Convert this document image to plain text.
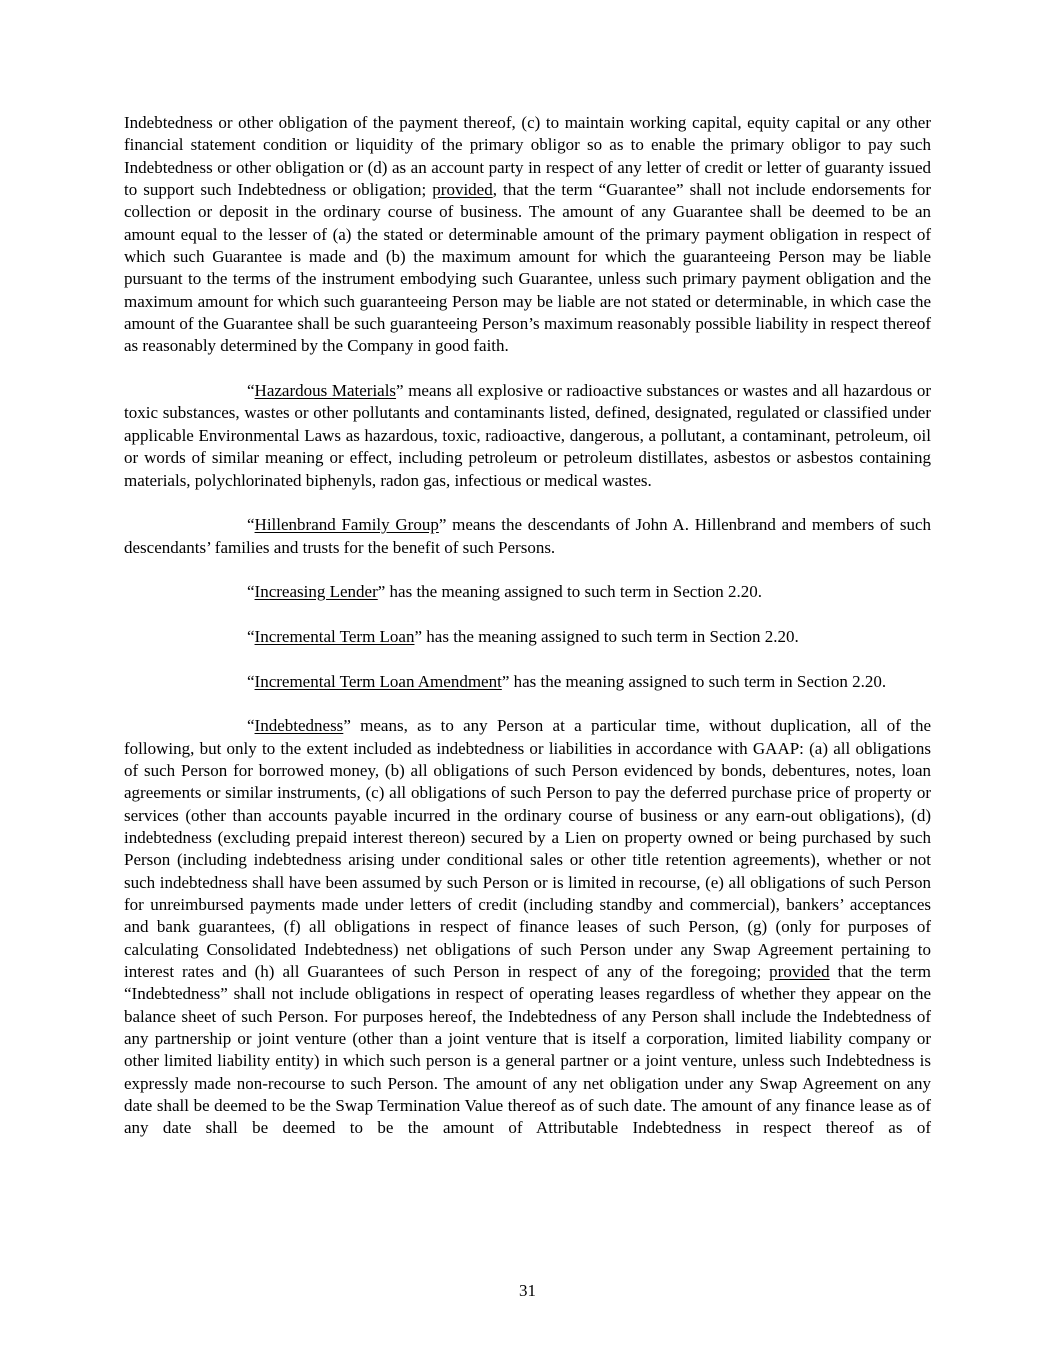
Indebtedness or other obligation of the payment thereof, (c) to maintain working capital, equity capital or any other financial statement condition or liquidity of the primary obligor so as to enable the primary obligor to pay such Indebtedness or other obligation or (d) as an account party in respect of any letter of credit or letter of guaranty issued to support such Indebtedness or obligation; provided, that the term “Guarantee” shall not include endorsements for collection or deposit in the ordinary course of business. The amount of any Guarantee shall be deemed to be an amount equal to the lesser of (a) the stated or determinable amount of the primary payment obligation in respect of which such Guarantee is made and (b) the maximum amount for which the guaranteeing Person may be liable pursuant to the terms of the instrument embodying such Guarantee, unless such primary payment obligation and the maximum amount for which such guaranteeing Person may be liable are not stated or determinable, in which case the amount of the Guarantee shall be such guaranteeing Person’s maximum reasonably possible liability in respect thereof as reasonably determined by the Company in good faith.

“Hazardous Materials” means all explosive or radioactive substances or wastes and all hazardous or toxic substances, wastes or other pollutants and contaminants listed, defined, designated, regulated or classified under applicable Environmental Laws as hazardous, toxic, radioactive, dangerous, a pollutant, a contaminant, petroleum, oil or words of similar meaning or effect, including petroleum or petroleum distillates, asbestos or asbestos containing materials, polychlorinated biphenyls, radon gas, infectious or medical wastes.

“Hillenbrand Family Group” means the descendants of John A. Hillenbrand and members of such descendants’ families and trusts for the benefit of such Persons.

“Increasing Lender” has the meaning assigned to such term in Section 2.20.

“Incremental Term Loan” has the meaning assigned to such term in Section 2.20.

“Incremental Term Loan Amendment” has the meaning assigned to such term in Section 2.20.

“Indebtedness” means, as to any Person at a particular time, without duplication, all of the following, but only to the extent included as indebtedness or liabilities in accordance with GAAP: (a) all obligations of such Person for borrowed money, (b) all obligations of such Person evidenced by bonds, debentures, notes, loan agreements or similar instruments, (c) all obligations of such Person to pay the deferred purchase price of property or services (other than accounts payable incurred in the ordinary course of business or any earn-out obligations), (d) indebtedness (excluding prepaid interest thereon) secured by a Lien on property owned or being purchased by such Person (including indebtedness arising under conditional sales or other title retention agreements), whether or not such indebtedness shall have been assumed by such Person or is limited in recourse, (e) all obligations of such Person for unreimbursed payments made under letters of credit (including standby and commercial), bankers’ acceptances and bank guarantees, (f) all obligations in respect of finance leases of such Person, (g) (only for purposes of calculating Consolidated Indebtedness) net obligations of such Person under any Swap Agreement pertaining to interest rates and (h) all Guarantees of such Person in respect of any of the foregoing; provided that the term “Indebtedness” shall not include obligations in respect of operating leases regardless of whether they appear on the balance sheet of such Person. For purposes hereof, the Indebtedness of any Person shall include the Indebtedness of any partnership or joint venture (other than a joint venture that is itself a corporation, limited liability company or other limited liability entity) in which such person is a general partner or a joint venture, unless such Indebtedness is expressly made non-recourse to such Person. The amount of any net obligation under any Swap Agreement on any date shall be deemed to be the Swap Termination Value thereof as of such date. The amount of any finance lease as of any date shall be deemed to be the amount of Attributable Indebtedness in respect thereof as of

31
